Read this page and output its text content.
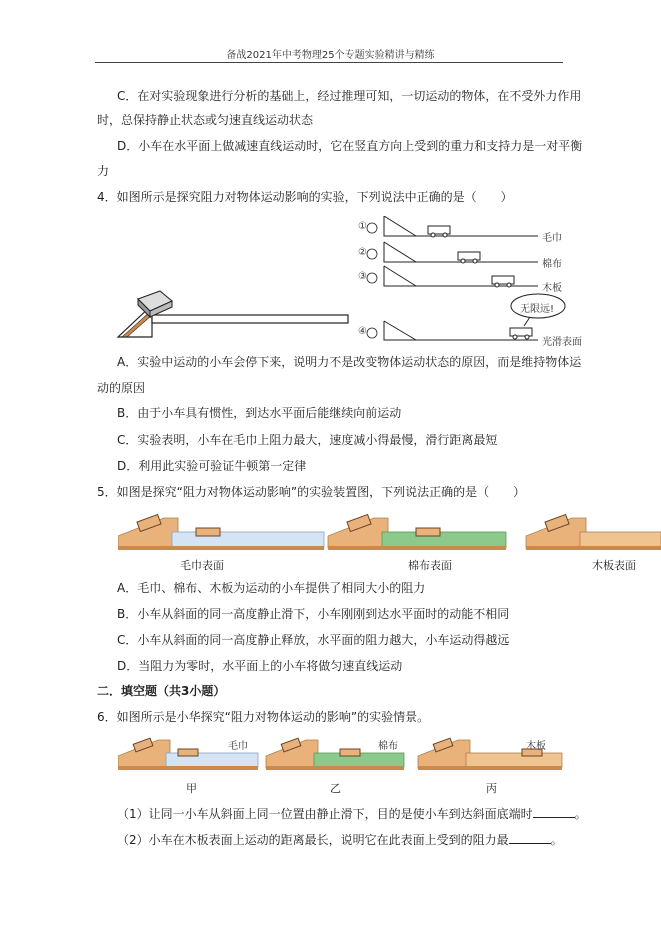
备战2021年中考物理25个专题实验精讲与精练
C．在对实验现象进行分析的基础上，经过推理可知，一切运动的物体，在不受外力作用
时，总保持静止状态或匀速直线运动状态
D．小车在水平面上做减速直线运动时，它在竖直方向上受到的重力和支持力是一对平衡
力
4．如图所示是探究阻力对物体运动影响的实验，下列说法中正确的是（　　）
①
②
③
④
毛巾
棉布
木板
光滑表面
无限远!
A．实验中运动的小车会停下来，说明力不是改变物体运动状态的原因，而是维持物体运
动的原因
B．由于小车具有惯性，到达水平面后能继续向前运动
C．实验表明，小车在毛巾上阻力最大，速度减小得最慢，滑行距离最短
D．利用此实验可验证牛顿第一定律
5．如图是探究“阻力对物体运动影响”的实验装置图，下列说法正确的是（　　）
毛巾表面	棉布表面	木板表面
A．毛巾、棉布、木板为运动的小车提供了相同大小的阻力
B．小车从斜面的同一高度静止滑下，小车刚刚到达水平面时的动能不相同
C．小车从斜面的同一高度静止释放，水平面的阻力越大，小车运动得越远
D．当阻力为零时，水平面上的小车将做匀速直线运动
二．填空题（共3小题）
6．如图所示是小华探究“阻力对物体运动的影响”的实验情景。
毛巾	棉布	木板
甲	乙	丙
（1）让同一小车从斜面上同一位置由静止滑下，目的是使小车到达斜面底端时	。
（2）小车在木板表面上运动的距离最长，说明它在此表面上受到的阻力最	。
